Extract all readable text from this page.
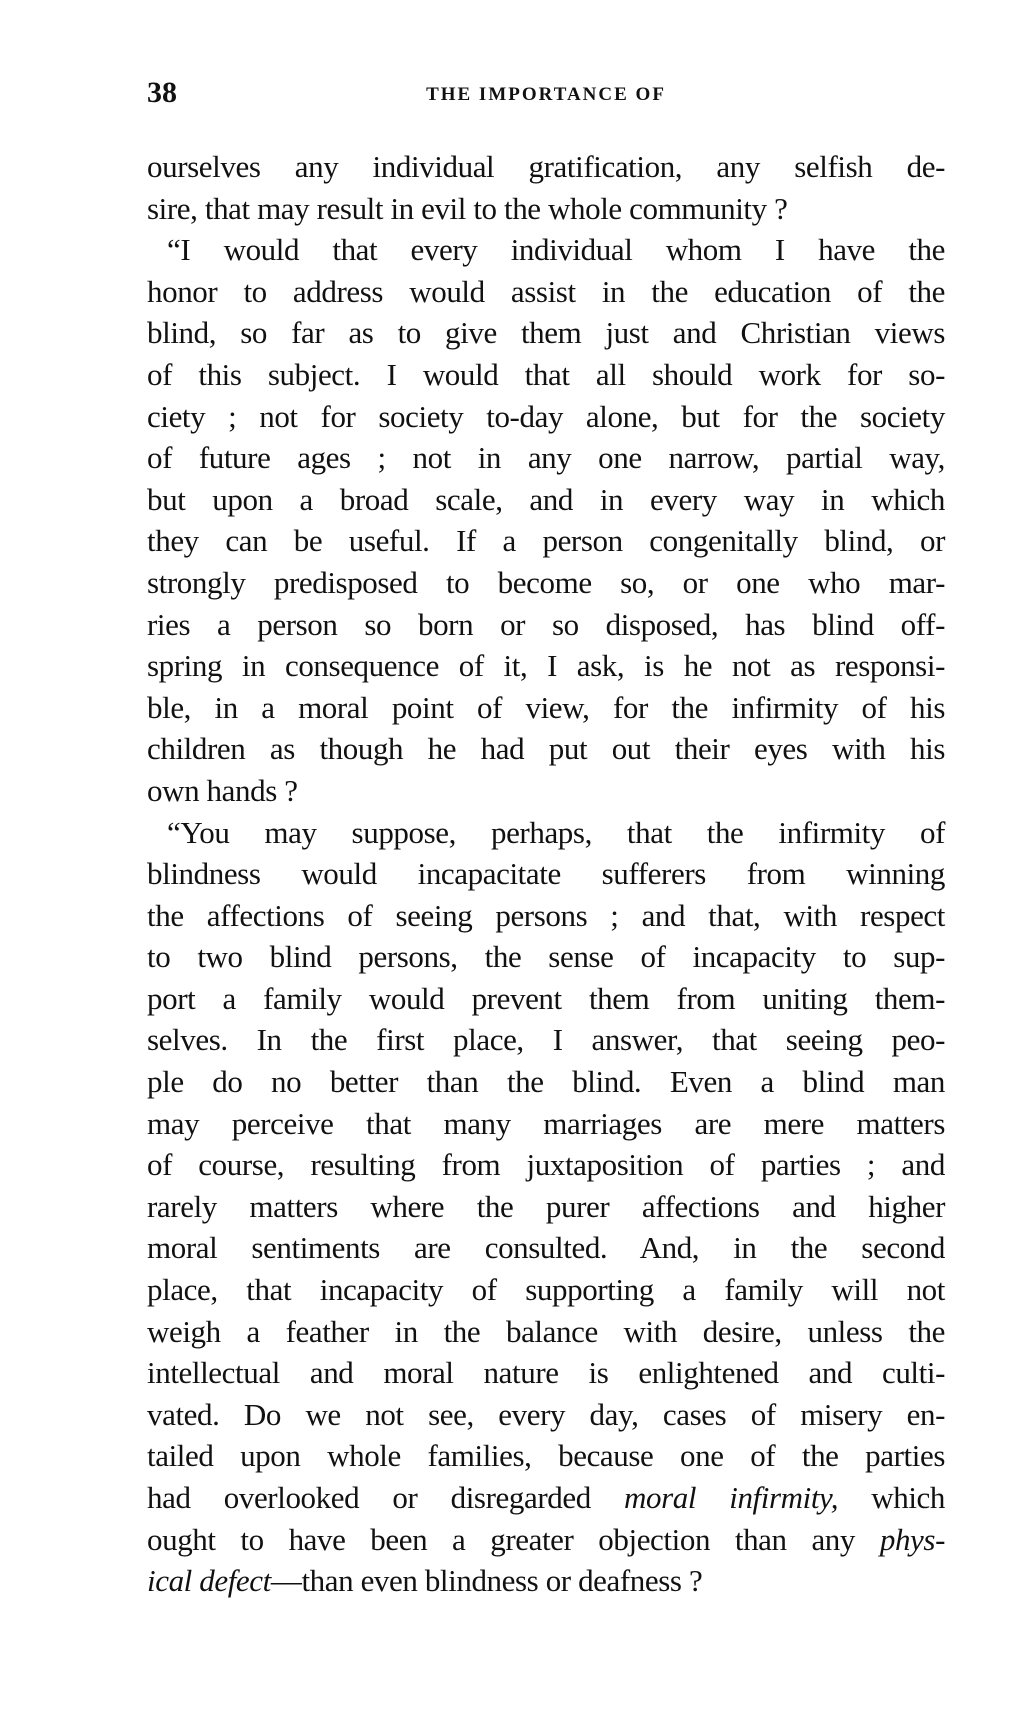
38	THE IMPORTANCE OF
ourselves any individual gratification, any selfish de-
sire, that may result in evil to the whole community ?
“I would that every individual whom I have the
honor to address would assist in the education of the
blind, so far as to give them just and Christian views
of this subject. I would that all should work for so-
ciety ; not for society to-day alone, but for the society
of future ages ; not in any one narrow, partial way,
but upon a broad scale, and in every way in which
they can be useful. If a person congenitally blind, or
strongly predisposed to become so, or one who mar-
ries a person so born or so disposed, has blind off-
spring in consequence of it, I ask, is he not as responsi-
ble, in a moral point of view, for the infirmity of his
children as though he had put out their eyes with his
own hands ?
“You may suppose, perhaps, that the infirmity of
blindness would incapacitate sufferers from winning
the affections of seeing persons ; and that, with respect
to two blind persons, the sense of incapacity to sup-
port a family would prevent them from uniting them-
selves. In the first place, I answer, that seeing peo-
ple do no better than the blind. Even a blind man
may perceive that many marriages are mere matters
of course, resulting from juxtaposition of parties ; and
rarely matters where the purer affections and higher
moral sentiments are consulted. And, in the second
place, that incapacity of supporting a family will not
weigh a feather in the balance with desire, unless the
intellectual and moral nature is enlightened and culti-
vated. Do we not see, every day, cases of misery en-
tailed upon whole families, because one of the parties
had overlooked or disregarded moral infirmity, which
ought to have been a greater objection than any phys-
ical defect—than even blindness or deafness ?
